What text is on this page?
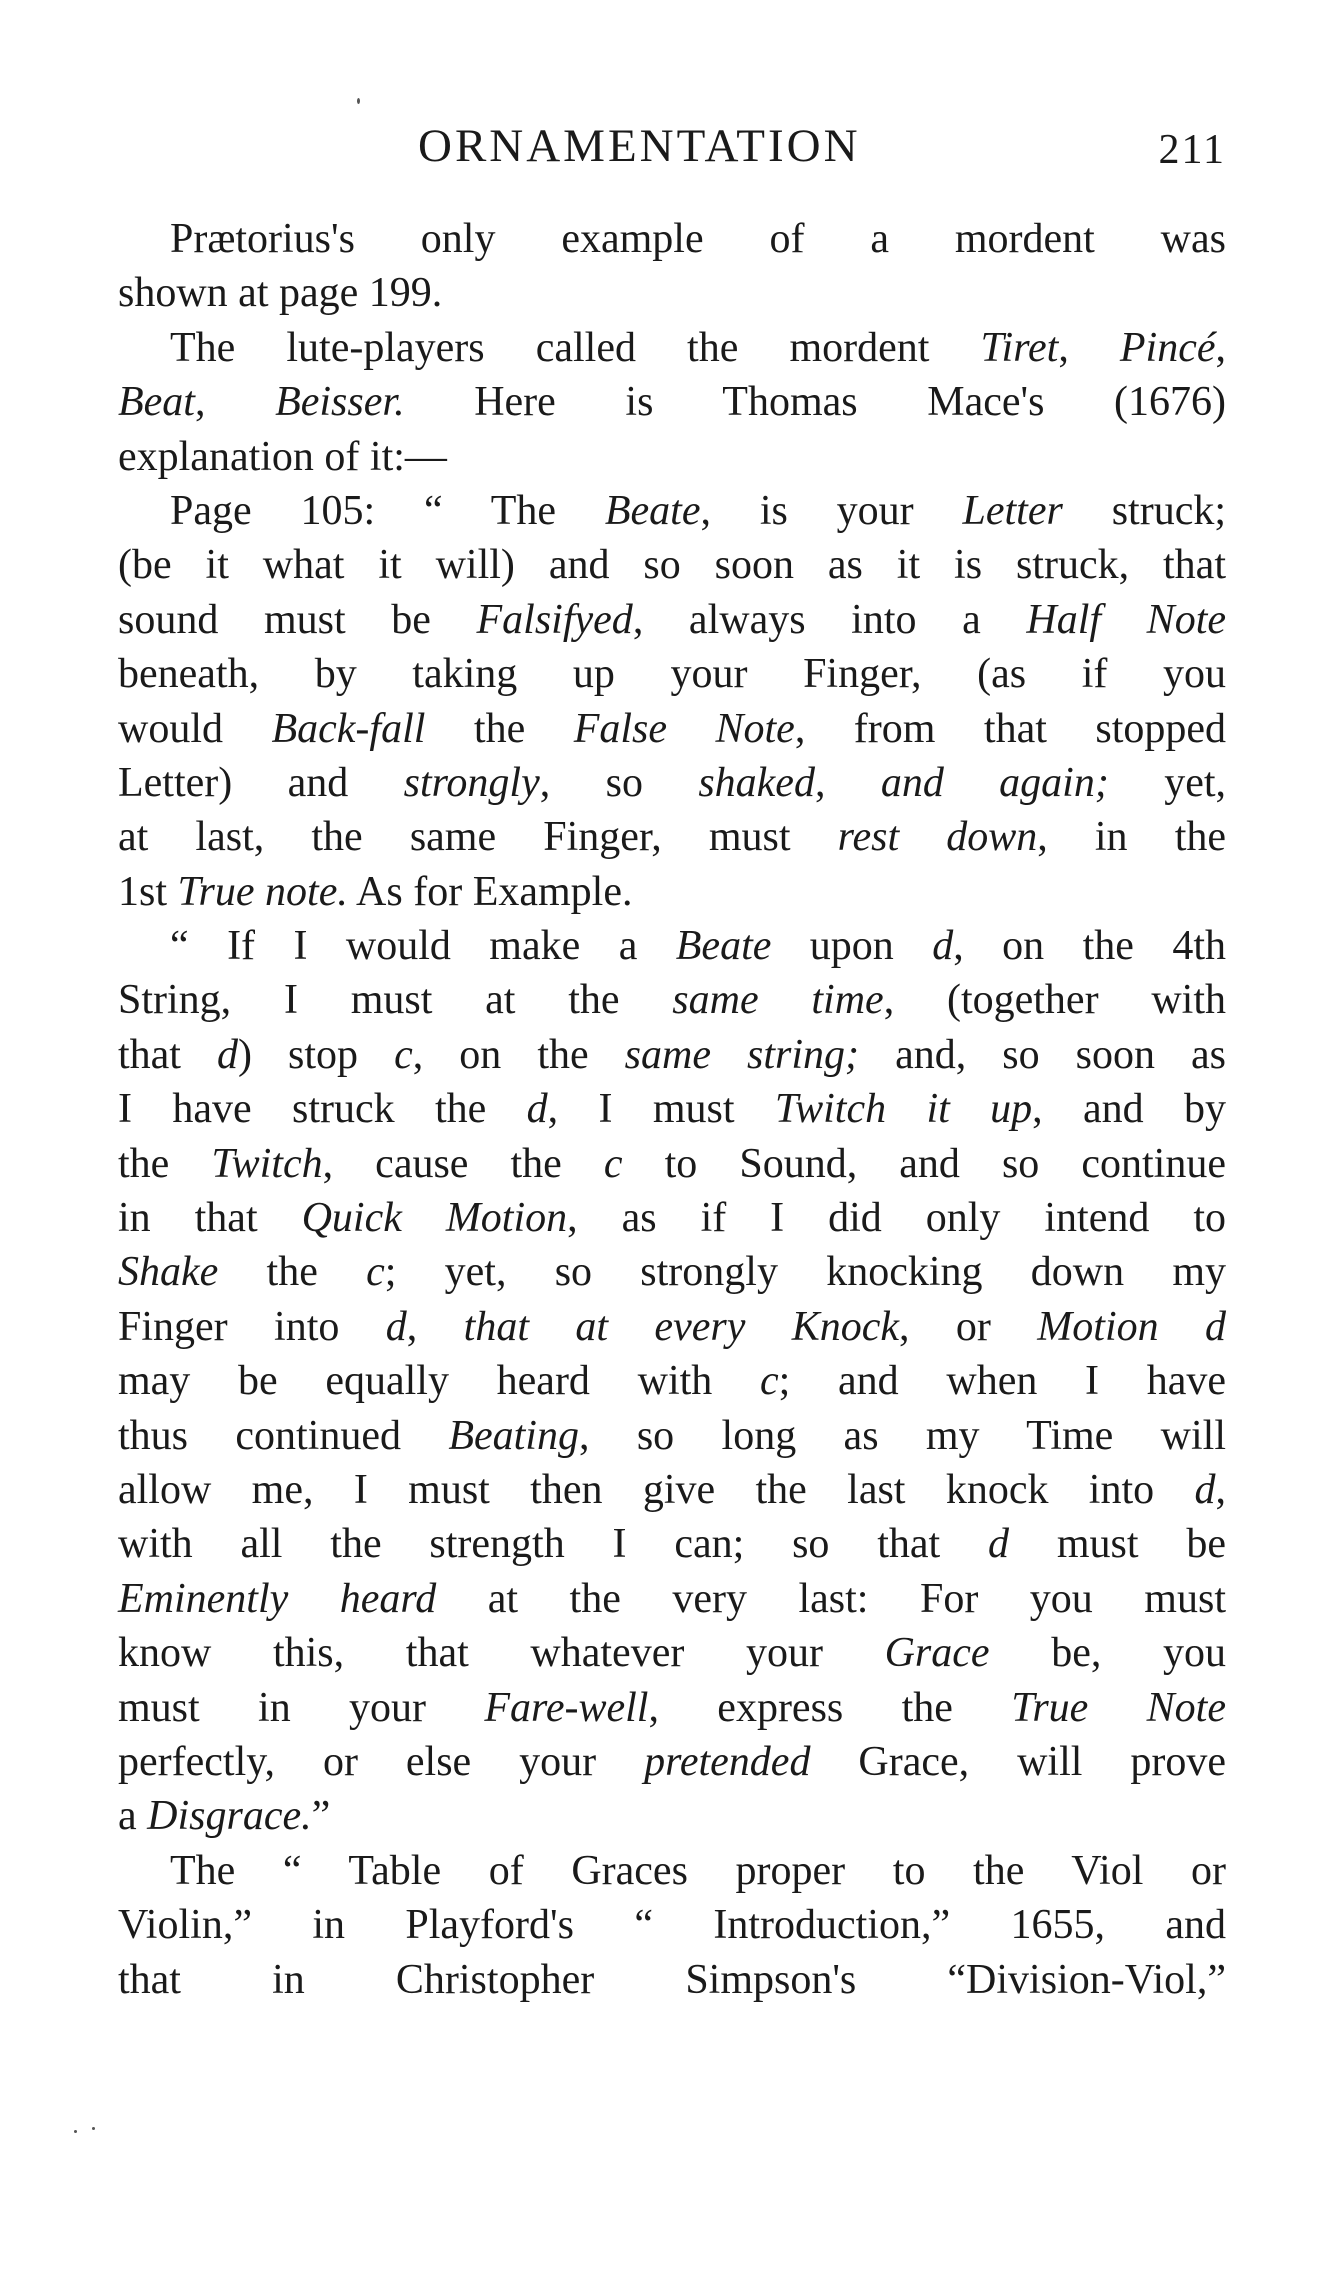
ORNAMENTATION	211
Prætorius's only example of a mordent was
shown at page 199.
The lute-players called the mordent Tiret, Pincé,
Beat, Beisser. Here is Thomas Mace's (1676)
explanation of it:—
Page 105: “ The Beate, is your Letter struck;
(be it what it will) and so soon as it is struck, that
sound must be Falsifyed, always into a Half Note
beneath, by taking up your Finger, (as if you
would Back-fall the False Note, from that stopped
Letter) and strongly, so shaked, and again; yet,
at last, the same Finger, must rest down, in the
1st True note. As for Example.
“ If I would make a Beate upon d, on the 4th
String, I must at the same time, (together with
that d) stop c, on the same string; and, so soon as
I have struck the d, I must Twitch it up, and by
the Twitch, cause the c to Sound, and so continue
in that Quick Motion, as if I did only intend to
Shake the c; yet, so strongly knocking down my
Finger into d, that at every Knock, or Motion d
may be equally heard with c; and when I have
thus continued Beating, so long as my Time will
allow me, I must then give the last knock into d,
with all the strength I can; so that d must be
Eminently heard at the very last: For you must
know this, that whatever your Grace be, you
must in your Fare-well, express the True Note
perfectly, or else your pretended Grace, will prove
a Disgrace.”
The “ Table of Graces proper to the Viol or
Violin,” in Playford's “ Introduction,” 1655, and
that in Christopher Simpson's “Division-Viol,”
